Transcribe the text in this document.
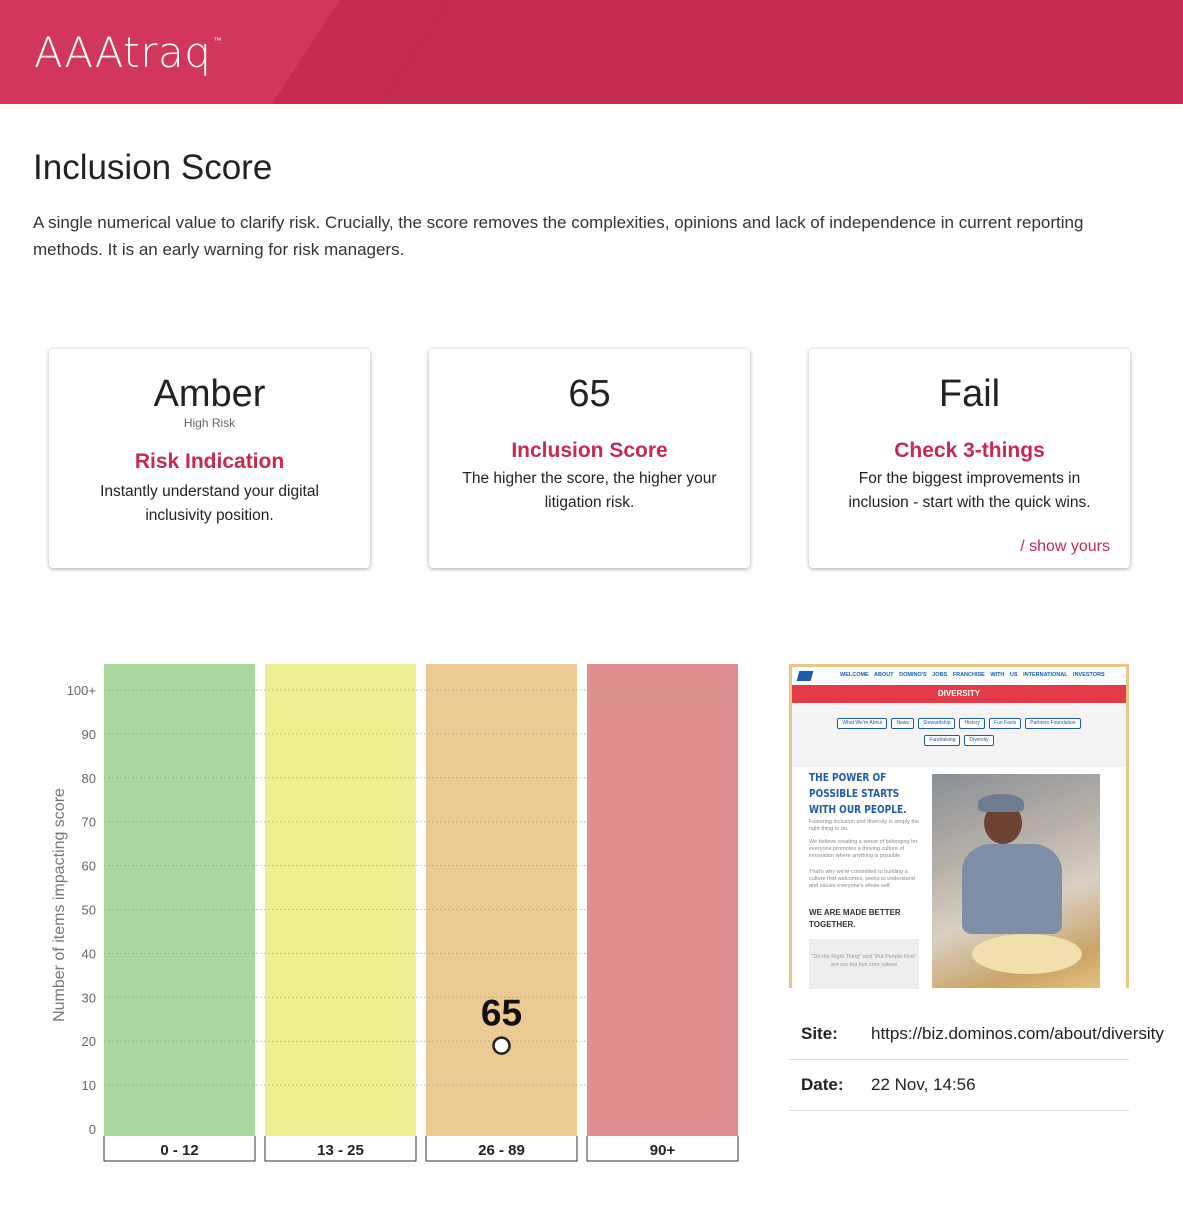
AAAtraq ™
Inclusion Score

A single numerical value to clarify risk. Crucially, the score removes the complexities, opinions and lack of independence in current reporting methods. It is an early warning for risk managers.

Amber
High Risk
Risk Indication
Instantly understand your digital inclusivity position.
65
Inclusion Score
The higher the score, the higher your litigation risk.
Fail
Check 3-things
For the biggest improvements in inclusion - start with the quick wins.
/ show yours
0
10
20
30
40
50
60
70
80
90
100+
Number of items impacting score
0 - 12	13 - 25	26 - 89	90+
65
WELCOME ABOUT DOMINO'S JOBS FRANCHISE WITH US INTERNATIONAL INVESTORS
DIVERSITY
What We're About	News	Stewardship	History	Fun Facts	Partners Foundation
Fundraising	Diversity
THE POWER OF POSSIBLE STARTS WITH OUR PEOPLE.
Fostering inclusion and diversity is simply the right thing to do.
We believe creating a sense of belonging for everyone promotes a thriving culture of innovation where anything is possible.
That's why we're committed to building a culture that welcomes, seeks to understand and values everyone's whole self.
WE ARE MADE BETTER TOGETHER.
"Do the Right Thing" and "Put People First" are our top two core values
Site: https://biz.dominos.com/about/diversity
Date: 22 Nov, 14:56
